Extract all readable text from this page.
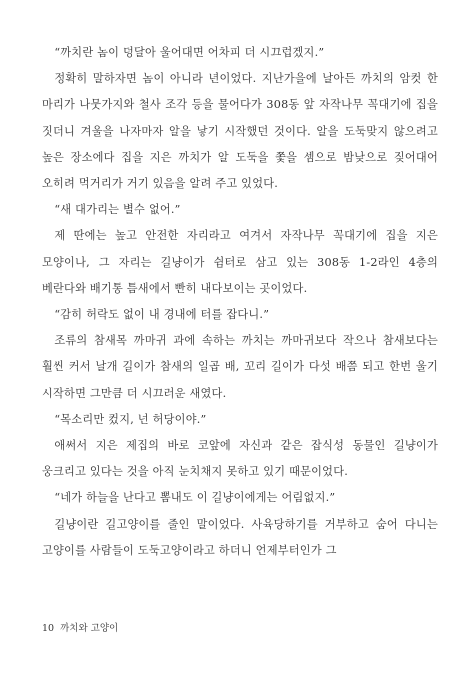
“까치란 놈이 덩달아 울어대면 어차피 더 시끄럽겠지.”

정확히 말하자면 놈이 아니라 년이었다. 지난가을에 날아든 까치의 암컷 한 마리가 나뭇가지와 철사 조각 등을 물어다가 308동 앞 자작나무 꼭대기에 집을 짓더니 겨울을 나자마자 알을 낳기 시작했던 것이다. 알을 도둑맞지 않으려고 높은 장소에다 집을 지은 까치가 알 도둑을 쫓을 셈으로 밤낮으로 짖어대어 오히려 먹거리가 거기 있음을 알려 주고 있었다.

“새 대가리는 별수 없어.”

제 딴에는 높고 안전한 자리라고 여겨서 자작나무 꼭대기에 집을 지은 모양이나, 그 자리는 길냥이가 쉼터로 삼고 있는 308동 1-2라인 4층의 베란다와 배기통 틈새에서 빤히 내다보이는 곳이었다.

“감히 허락도 없이 내 경내에 터를 잡다니.”

조류의 참새목 까마귀 과에 속하는 까치는 까마귀보다 작으나 참새보다는 훨씬 커서 날개 길이가 참새의 일곱 배, 꼬리 길이가 다섯 배쯤 되고 한번 울기 시작하면 그만큼 더 시끄러운 새였다.

“목소리만 컸지, 넌 허당이야.”

애써서 지은 제집의 바로 코앞에 자신과 같은 잡식성 동물인 길냥이가 웅크리고 있다는 것을 아직 눈치채지 못하고 있기 때문이었다.

“네가 하늘을 난다고 뽐내도 이 길냥이에게는 어림없지.”

길냥이란 길고양이를 줄인 말이었다. 사육당하기를 거부하고 숨어 다니는 고양이를 사람들이 도둑고양이라고 하더니 언제부터인가 그

10 까치와 고양이
